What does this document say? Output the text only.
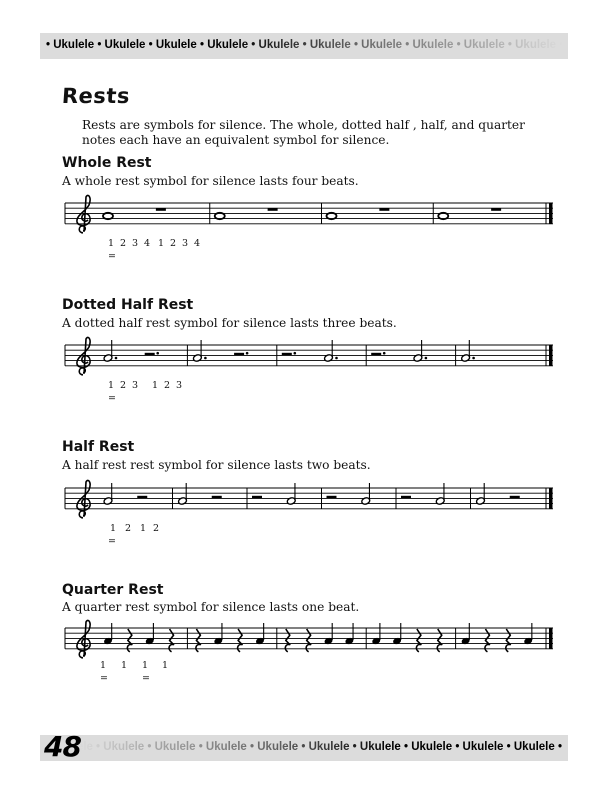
• Ukulele • Ukulele • Ukulele • Ukulele • Ukulele • Ukulele • Ukulele • Ukulele • Ukulele • Ukulele •
Rests

Rests are symbols for silence. The whole, dotted half , half, and quarter notes each have an equivalent symbol for silence.

Whole Rest

A whole rest symbol for silence lasts four beats.

1 2 3 4 1 2 3 4
=
Dotted Half Rest

A dotted half rest symbol for silence lasts three beats.

1 2 3 1 2 3
=
Half Rest

A half rest rest symbol for silence lasts two beats.

1 2 1 2
=
Quarter Rest

A quarter rest symbol for silence lasts one beat.

1 1 1 1
=	=
ele • Ukulele • Ukulele • Ukulele • Ukulele • Ukulele • Ukulele • Ukulele • Ukulele • Ukulele •
48
